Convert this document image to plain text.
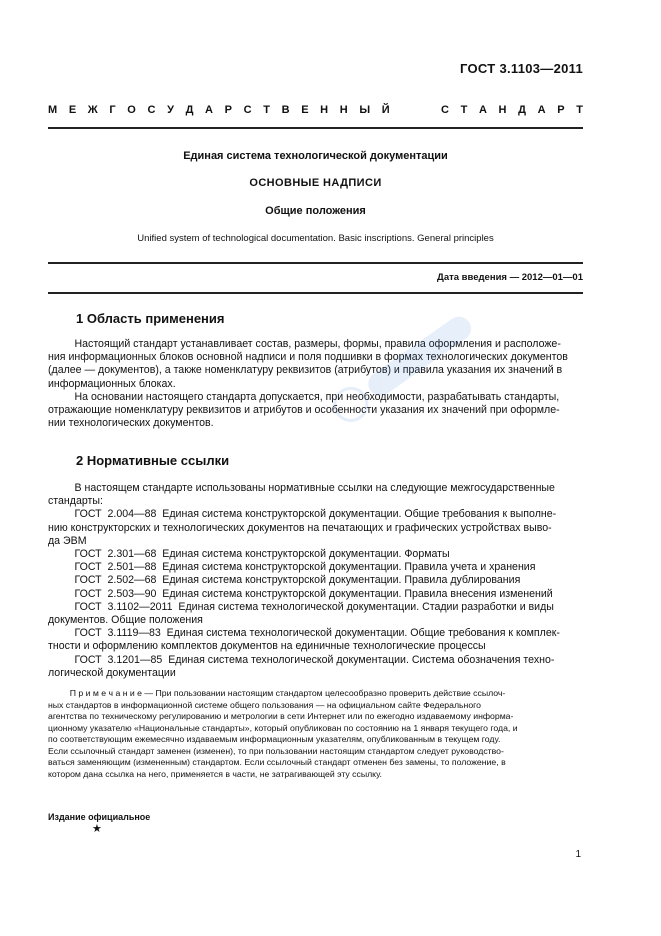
ГОСТ 3.1103—2011
М Е Ж Г О С У Д А Р С Т В Е Н Н Ы Й	С Т А Н Д А Р Т
Единая система технологической документации
ОСНОВНЫЕ НАДПИСИ
Общие положения
Unified system of technological documentation. Basic inscriptions. General principles
Дата введения — 2012—01—01
1 Область применения
Настоящий стандарт устанавливает состав, размеры, формы, правила оформления и расположе-
ния информационных блоков основной надписи и поля подшивки в формах технологических документов
(далее — документов), а также номенклатуру реквизитов (атрибутов) и правила указания их значений в
информационных блоках.
На основании настоящего стандарта допускается, при необходимости, разрабатывать стандарты,
отражающие номенклатуру реквизитов и атрибутов и особенности указания их значений при оформле-
нии технологических документов.
2 Нормативные ссылки
В настоящем стандарте использованы нормативные ссылки на следующие межгосударственные
стандарты:
ГОСТ  2.004—88  Единая система конструкторской документации. Общие требования к выполне-
нию конструкторских и технологических документов на печатающих и графических устройствах выво-
да ЭВМ
ГОСТ  2.301—68  Единая система конструкторской документации. Форматы
ГОСТ  2.501—88  Единая система конструкторской документации. Правила учета и хранения
ГОСТ  2.502—68  Единая система конструкторской документации. Правила дублирования
ГОСТ  2.503—90  Единая система конструкторской документации. Правила внесения изменений
ГОСТ  3.1102—2011  Единая система технологической документации. Стадии разработки и виды
документов. Общие положения
ГОСТ  3.1119—83  Единая система технологической документации. Общие требования к комплек-
тности и оформлению комплектов документов на единичные технологические процессы
ГОСТ  3.1201—85  Единая система технологической документации. Система обозначения техно-
логической документации
П р и м е ч а н и е — При пользовании настоящим стандартом целесообразно проверить действие ссылоч-
ных стандартов в информационной системе общего пользования — на официальном сайте Федерального
агентства по техническому регулированию и метрологии в сети Интернет или по ежегодно издаваемому информа-
ционному указателю «Национальные стандарты», который опубликован по состоянию на 1 января текущего года, и
по соответствующим ежемесячно издаваемым информационным указателям, опубликованным в текущем году.
Если ссылочный стандарт заменен (изменен), то при пользовании настоящим стандартом следует руководство-
ваться заменяющим (измененным) стандартом. Если ссылочный стандарт отменен без замены, то положение, в
котором дана ссылка на него, применяется в части, не затрагивающей эту ссылку.
Издание официальное
★
1
